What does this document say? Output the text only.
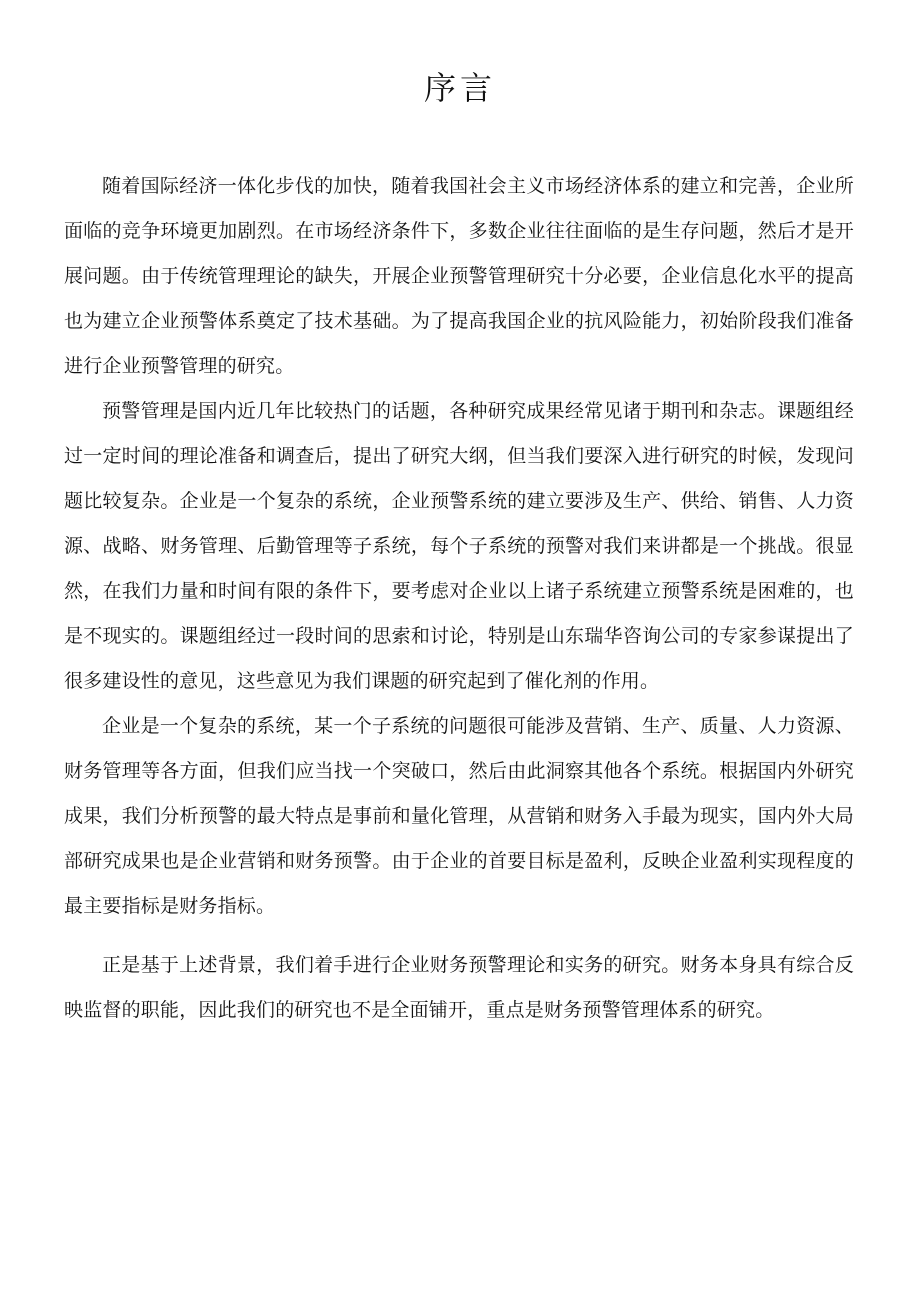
序言

随着国际经济一体化步伐的加快，随着我国社会主义市场经济体系的建立和完善，企业所面临的竞争环境更加剧烈。在市场经济条件下，多数企业往往面临的是生存问题，然后才是开展问题。由于传统管理理论的缺失，开展企业预警管理研究十分必要，企业信息化水平的提高也为建立企业预警体系奠定了技术基础。为了提高我国企业的抗风险能力，初始阶段我们准备进行企业预警管理的研究。

预警管理是国内近几年比较热门的话题，各种研究成果经常见诸于期刊和杂志。课题组经过一定时间的理论准备和调查后，提出了研究大纲，但当我们要深入进行研究的时候，发现问题比较复杂。企业是一个复杂的系统，企业预警系统的建立要涉及生产、供给、销售、人力资源、战略、财务管理、后勤管理等子系统，每个子系统的预警对我们来讲都是一个挑战。很显然，在我们力量和时间有限的条件下，要考虑对企业以上诸子系统建立预警系统是困难的，也是不现实的。课题组经过一段时间的思索和讨论，特别是山东瑞华咨询公司的专家参谋提出了很多建设性的意见，这些意见为我们课题的研究起到了催化剂的作用。

企业是一个复杂的系统，某一个子系统的问题很可能涉及营销、生产、质量、人力资源、财务管理等各方面，但我们应当找一个突破口，然后由此洞察其他各个系统。根据国内外研究成果，我们分析预警的最大特点是事前和量化管理，从营销和财务入手最为现实，国内外大局部研究成果也是企业营销和财务预警。由于企业的首要目标是盈利，反映企业盈利实现程度的最主要指标是财务指标。

正是基于上述背景，我们着手进行企业财务预警理论和实务的研究。财务本身具有综合反映监督的职能，因此我们的研究也不是全面铺开，重点是财务预警管理体系的研究。
